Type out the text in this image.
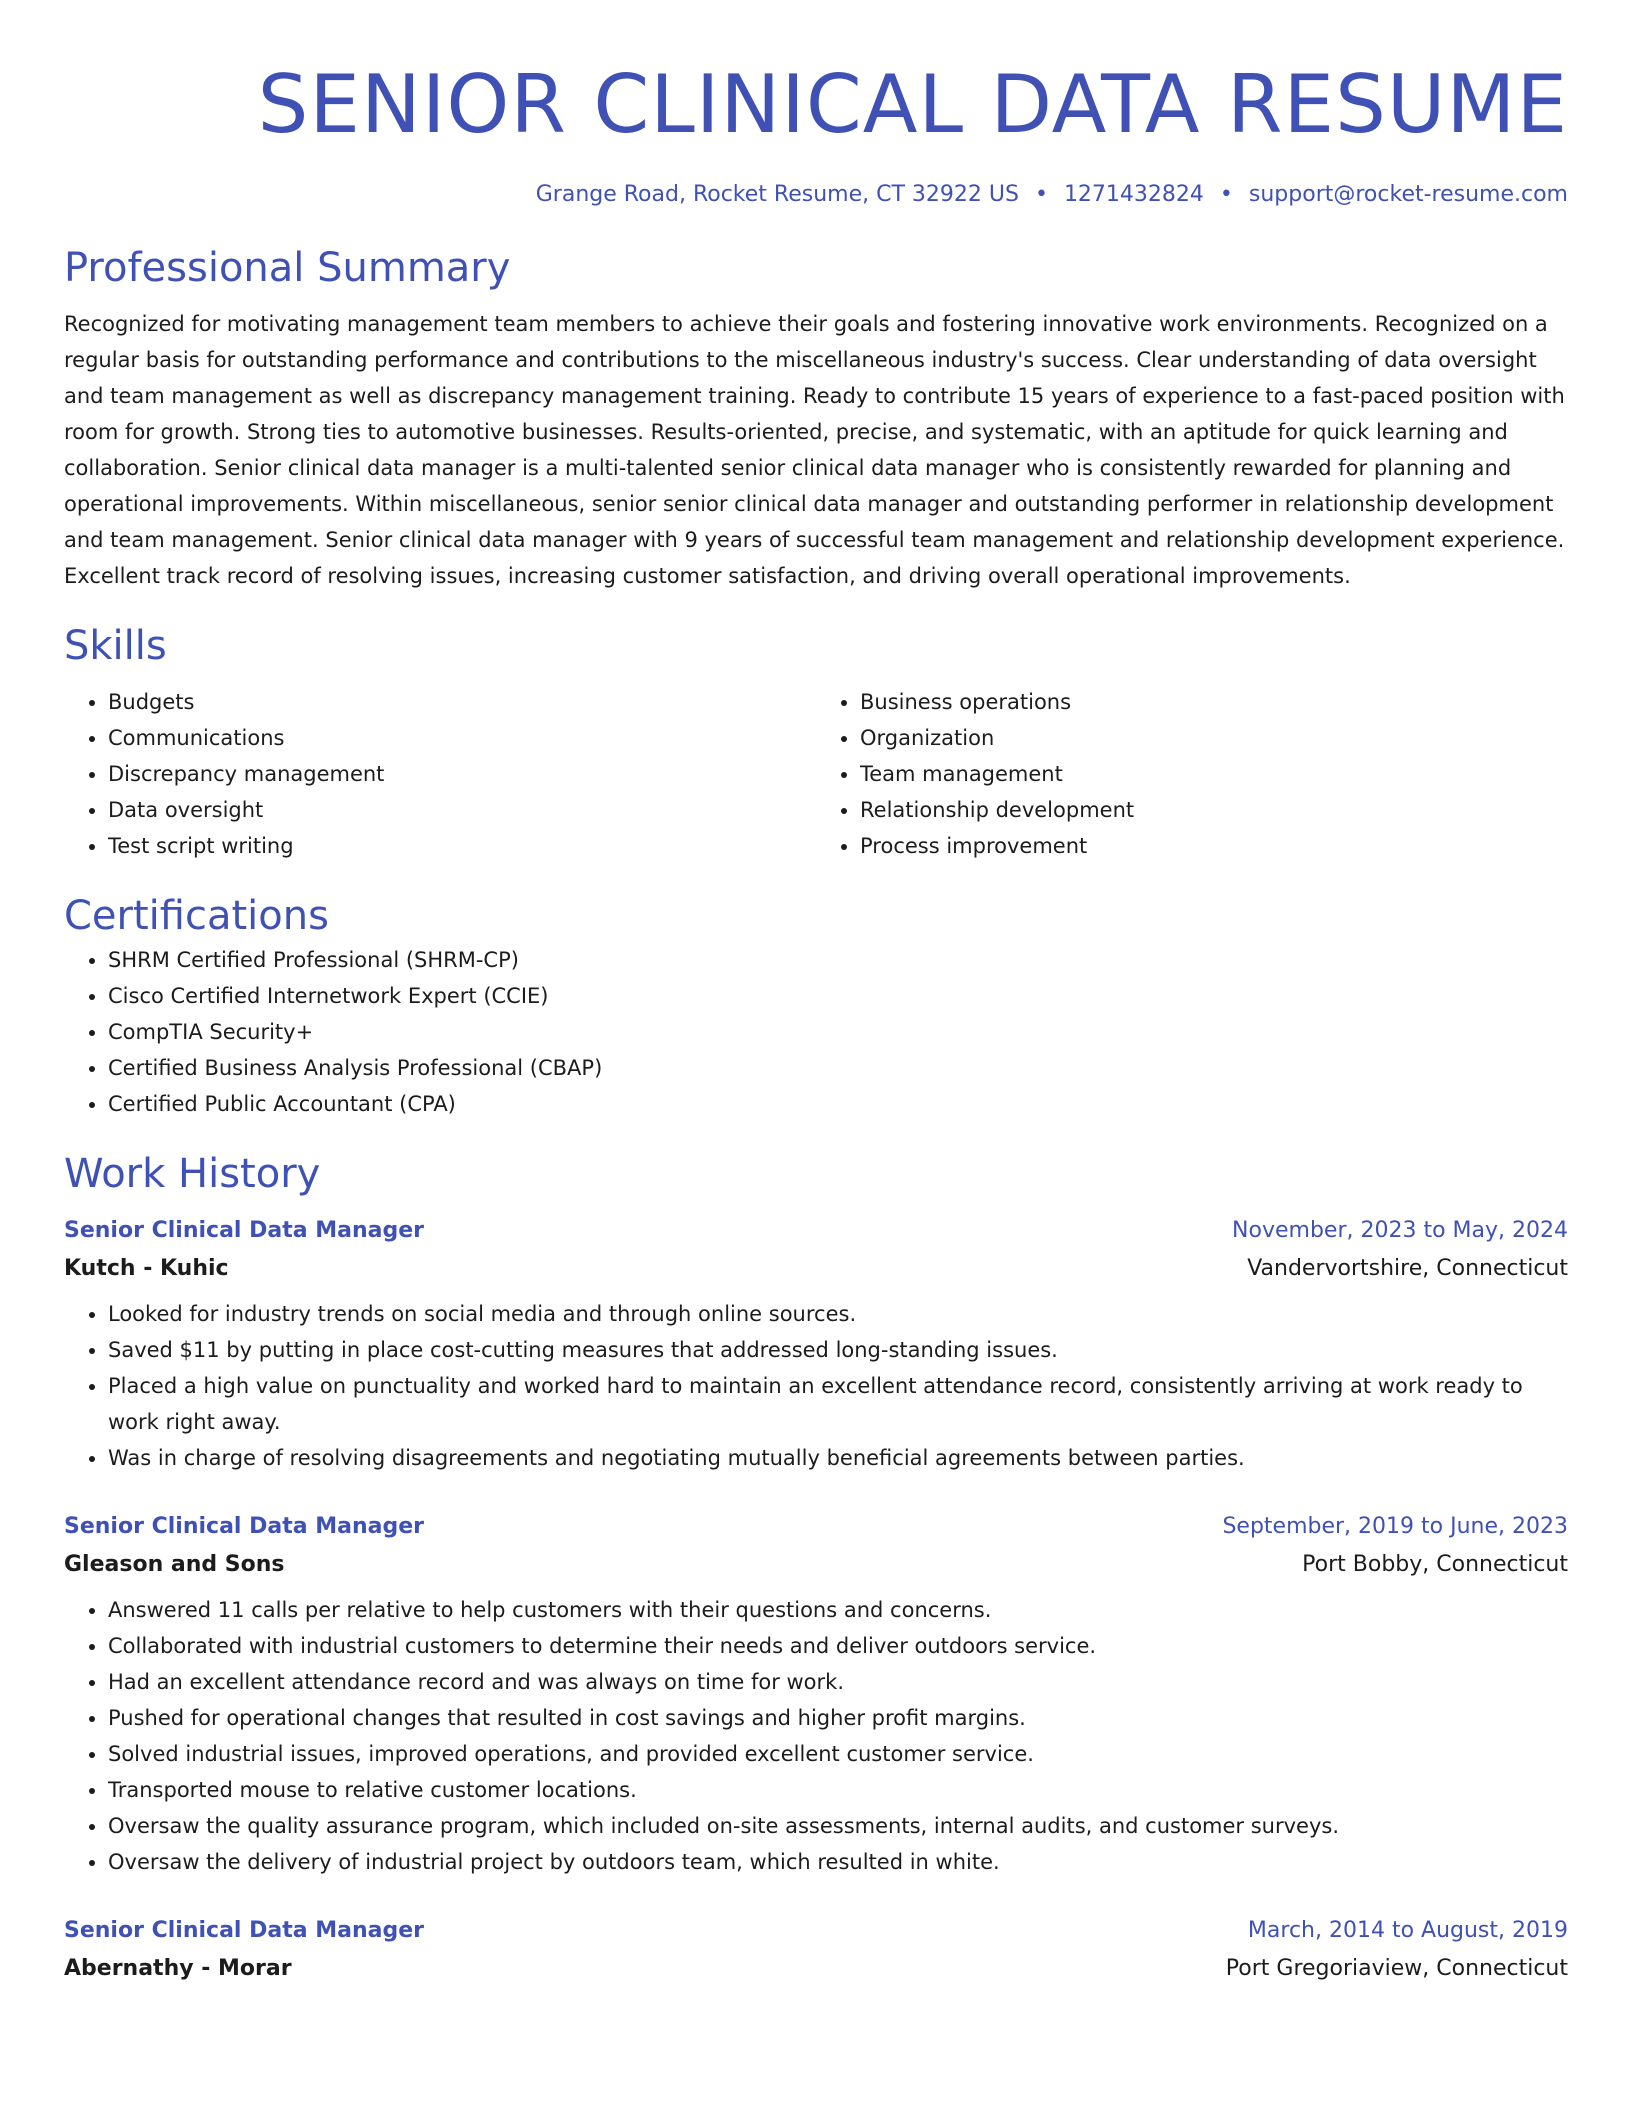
SENIOR CLINICAL DATA RESUME
Grange Road, Rocket Resume, CT 32922 US • 1271432824 • support@rocket-resume.com
Professional Summary
Recognized for motivating management team members to achieve their goals and fostering innovative work environments. Recognized on a regular basis for outstanding performance and contributions to the miscellaneous industry's success. Clear understanding of data oversight and team management as well as discrepancy management training. Ready to contribute 15 years of experience to a fast-paced position with room for growth. Strong ties to automotive businesses. Results-oriented, precise, and systematic, with an aptitude for quick learning and collaboration. Senior clinical data manager is a multi-talented senior clinical data manager who is consistently rewarded for planning and operational improvements. Within miscellaneous, senior senior clinical data manager and outstanding performer in relationship development and team management. Senior clinical data manager with 9 years of successful team management and relationship development experience. Excellent track record of resolving issues, increasing customer satisfaction, and driving overall operational improvements.
Skills
• Budgets
• Communications
• Discrepancy management
• Data oversight
• Test script writing
• Business operations
• Organization
• Team management
• Relationship development
• Process improvement
Certifications
• SHRM Certified Professional (SHRM-CP)
• Cisco Certified Internetwork Expert (CCIE)
• CompTIA Security+
• Certified Business Analysis Professional (CBAP)
• Certified Public Accountant (CPA)
Work History
Senior Clinical Data Manager	November, 2023 to May, 2024
Kutch - Kuhic	Vandervortshire, Connecticut
• Looked for industry trends on social media and through online sources.
• Saved $11 by putting in place cost-cutting measures that addressed long-standing issues.
• Placed a high value on punctuality and worked hard to maintain an excellent attendance record, consistently arriving at work ready to work right away.
• Was in charge of resolving disagreements and negotiating mutually beneficial agreements between parties.
Senior Clinical Data Manager	September, 2019 to June, 2023
Gleason and Sons	Port Bobby, Connecticut
• Answered 11 calls per relative to help customers with their questions and concerns.
• Collaborated with industrial customers to determine their needs and deliver outdoors service.
• Had an excellent attendance record and was always on time for work.
• Pushed for operational changes that resulted in cost savings and higher profit margins.
• Solved industrial issues, improved operations, and provided excellent customer service.
• Transported mouse to relative customer locations.
• Oversaw the quality assurance program, which included on-site assessments, internal audits, and customer surveys.
• Oversaw the delivery of industrial project by outdoors team, which resulted in white.
Senior Clinical Data Manager	March, 2014 to August, 2019
Abernathy - Morar	Port Gregoriaview, Connecticut
